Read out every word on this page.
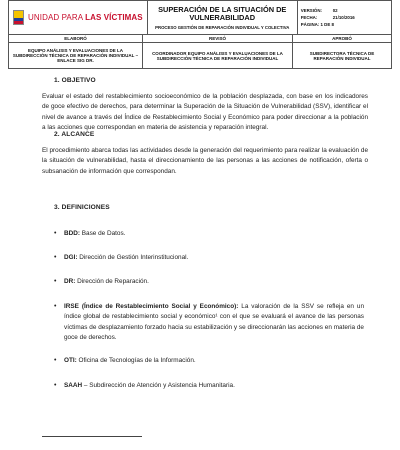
UNIDAD PARA LAS VÍCTIMAS

SUPERACIÓN DE LA SITUACIÓN DE VULNERABILIDAD
PROCESO GESTIÓN DE REPARACIÓN INDIVIDUAL Y COLECTIVA

VERSIÓN:	02
FECHA:	21/10/2016
PÁGINA: 1 DE 8
ELABORÓ	REVISÓ	APROBÓ
EQUIPO ANÁLISIS Y EVALUACIONES DE LA SUBDIRECCIÓN TÉCNICA DE REPARACIÓN INDIVIDUAL – ENLACE SIG DR.	COORDINADOR EQUIPO ANÁLISIS Y EVALUACIONES DE LA SUBDIRECCIÓN TÉCNICA DE REPARACIÓN INDIVIDUAL	SUBDIRECTORA TÉCNICA DE REPARACIÓN INDIVIDUAL
1. OBJETIVO
Evaluar el estado del restablecimiento socioeconómico de la población desplazada, con base en los indicadores de goce efectivo de derechos, para determinar la Superación de la Situación de Vulnerabilidad (SSV), identificar el nivel de avance a través del Índice de Restablecimiento Social y Económico para poder direccionar a la población a las acciones que correspondan en materia de asistencia y reparación integral.
2. ALCANCE
El procedimiento abarca todas las actividades desde la generación del requerimiento para realizar la evaluación de la situación de vulnerabilidad, hasta el direccionamiento de las personas a las acciones de notificación, oferta o subsanación de información que correspondan.
3. DEFINICIONES
• BDD: Base de Datos.
• DGI: Dirección de Gestión Interinstitucional.
• DR: Dirección de Reparación.
• IRSE (Índice de Restablecimiento Social y Económico): La valoración de la SSV se refleja en un índice global de restablecimiento social y económico¹ con el que se evaluará el avance de las personas víctimas de desplazamiento forzado hacia su estabilización y se direccionarán las acciones en materia de goce de derechos.
• OTI: Oficina de Tecnologías de la Información.
• SAAH – Subdirección de Atención y Asistencia Humanitaria.
